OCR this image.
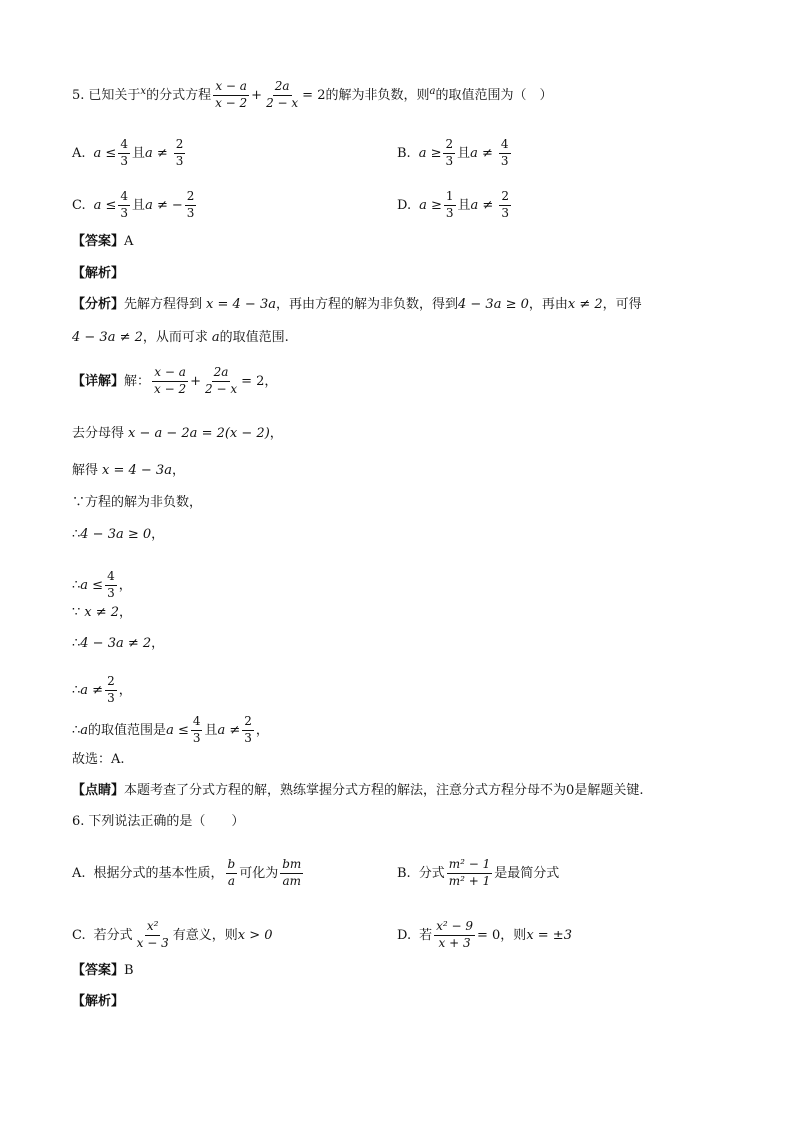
5. 已知关于 x 的分式方程 $\frac{x - a}{x - 2} + \frac{2a}{2 - x} = 2$ 的解为非负数，则 a 的取值范围为（　）
A. $a \le \frac{4}{3}$ 且 $a \ne \frac{2}{3}$	B. $a \ge \frac{2}{3}$ 且 $a \ne \frac{4}{3}$
C. $a \le \frac{4}{3}$ 且 a ≠ − $\frac{2}{3}$	D. $a \ge \frac{1}{3}$ 且 $a \ne \frac{2}{3}$
【答案】 A
【解析】
【分析】 先解方程得到 x = 4 − 3a ，再由方程的解为非负数，得到 4 − 3a ≥ 0 ，再由 x ≠ 2 ，可得
4 − 3a ≠ 2 ，从而可求 a 的取值范围.
【详解】 解： $\frac{x - a}{x - 2} + \frac{2a}{2 - x} = 2$ ，
去分母得 x − a − 2a = 2(x − 2) ，
解得 x = 4 − 3a ，
∵方程的解为非负数，
∴ 4 − 3a ≥ 0 ，
∴ $a \le \frac{4}{3}$ ，
∵ x ≠ 2 ，
∴ 4 − 3a ≠ 2 ，
∴ $a \ne \frac{2}{3}$ ，
∴ a 的取值范围是 $a \le \frac{4}{3}$ 且 $a \ne \frac{2}{3}$ ，
故选：A.
【点睛】 本题考查了分式方程的解，熟练掌握分式方程的解法，注意分式方程分母不为 0 是解题关键.
6. 下列说法正确的是（　　）
A. 根据分式的基本性质， $\frac{b}{a}$ 可化为 $\frac{bm}{am}$	B. 分式 $\frac{\text{m² − 1}}{\text{m² + 1}}$ 是最简分式
C. 若分式 $\frac{\text{x²}}{x - 3}$ 有意义，则 x > 0	D. 若 $\frac{\text{x² − 9}}{x + 3} = 0$，则 x = ±3
【答案】 B
【解析】
